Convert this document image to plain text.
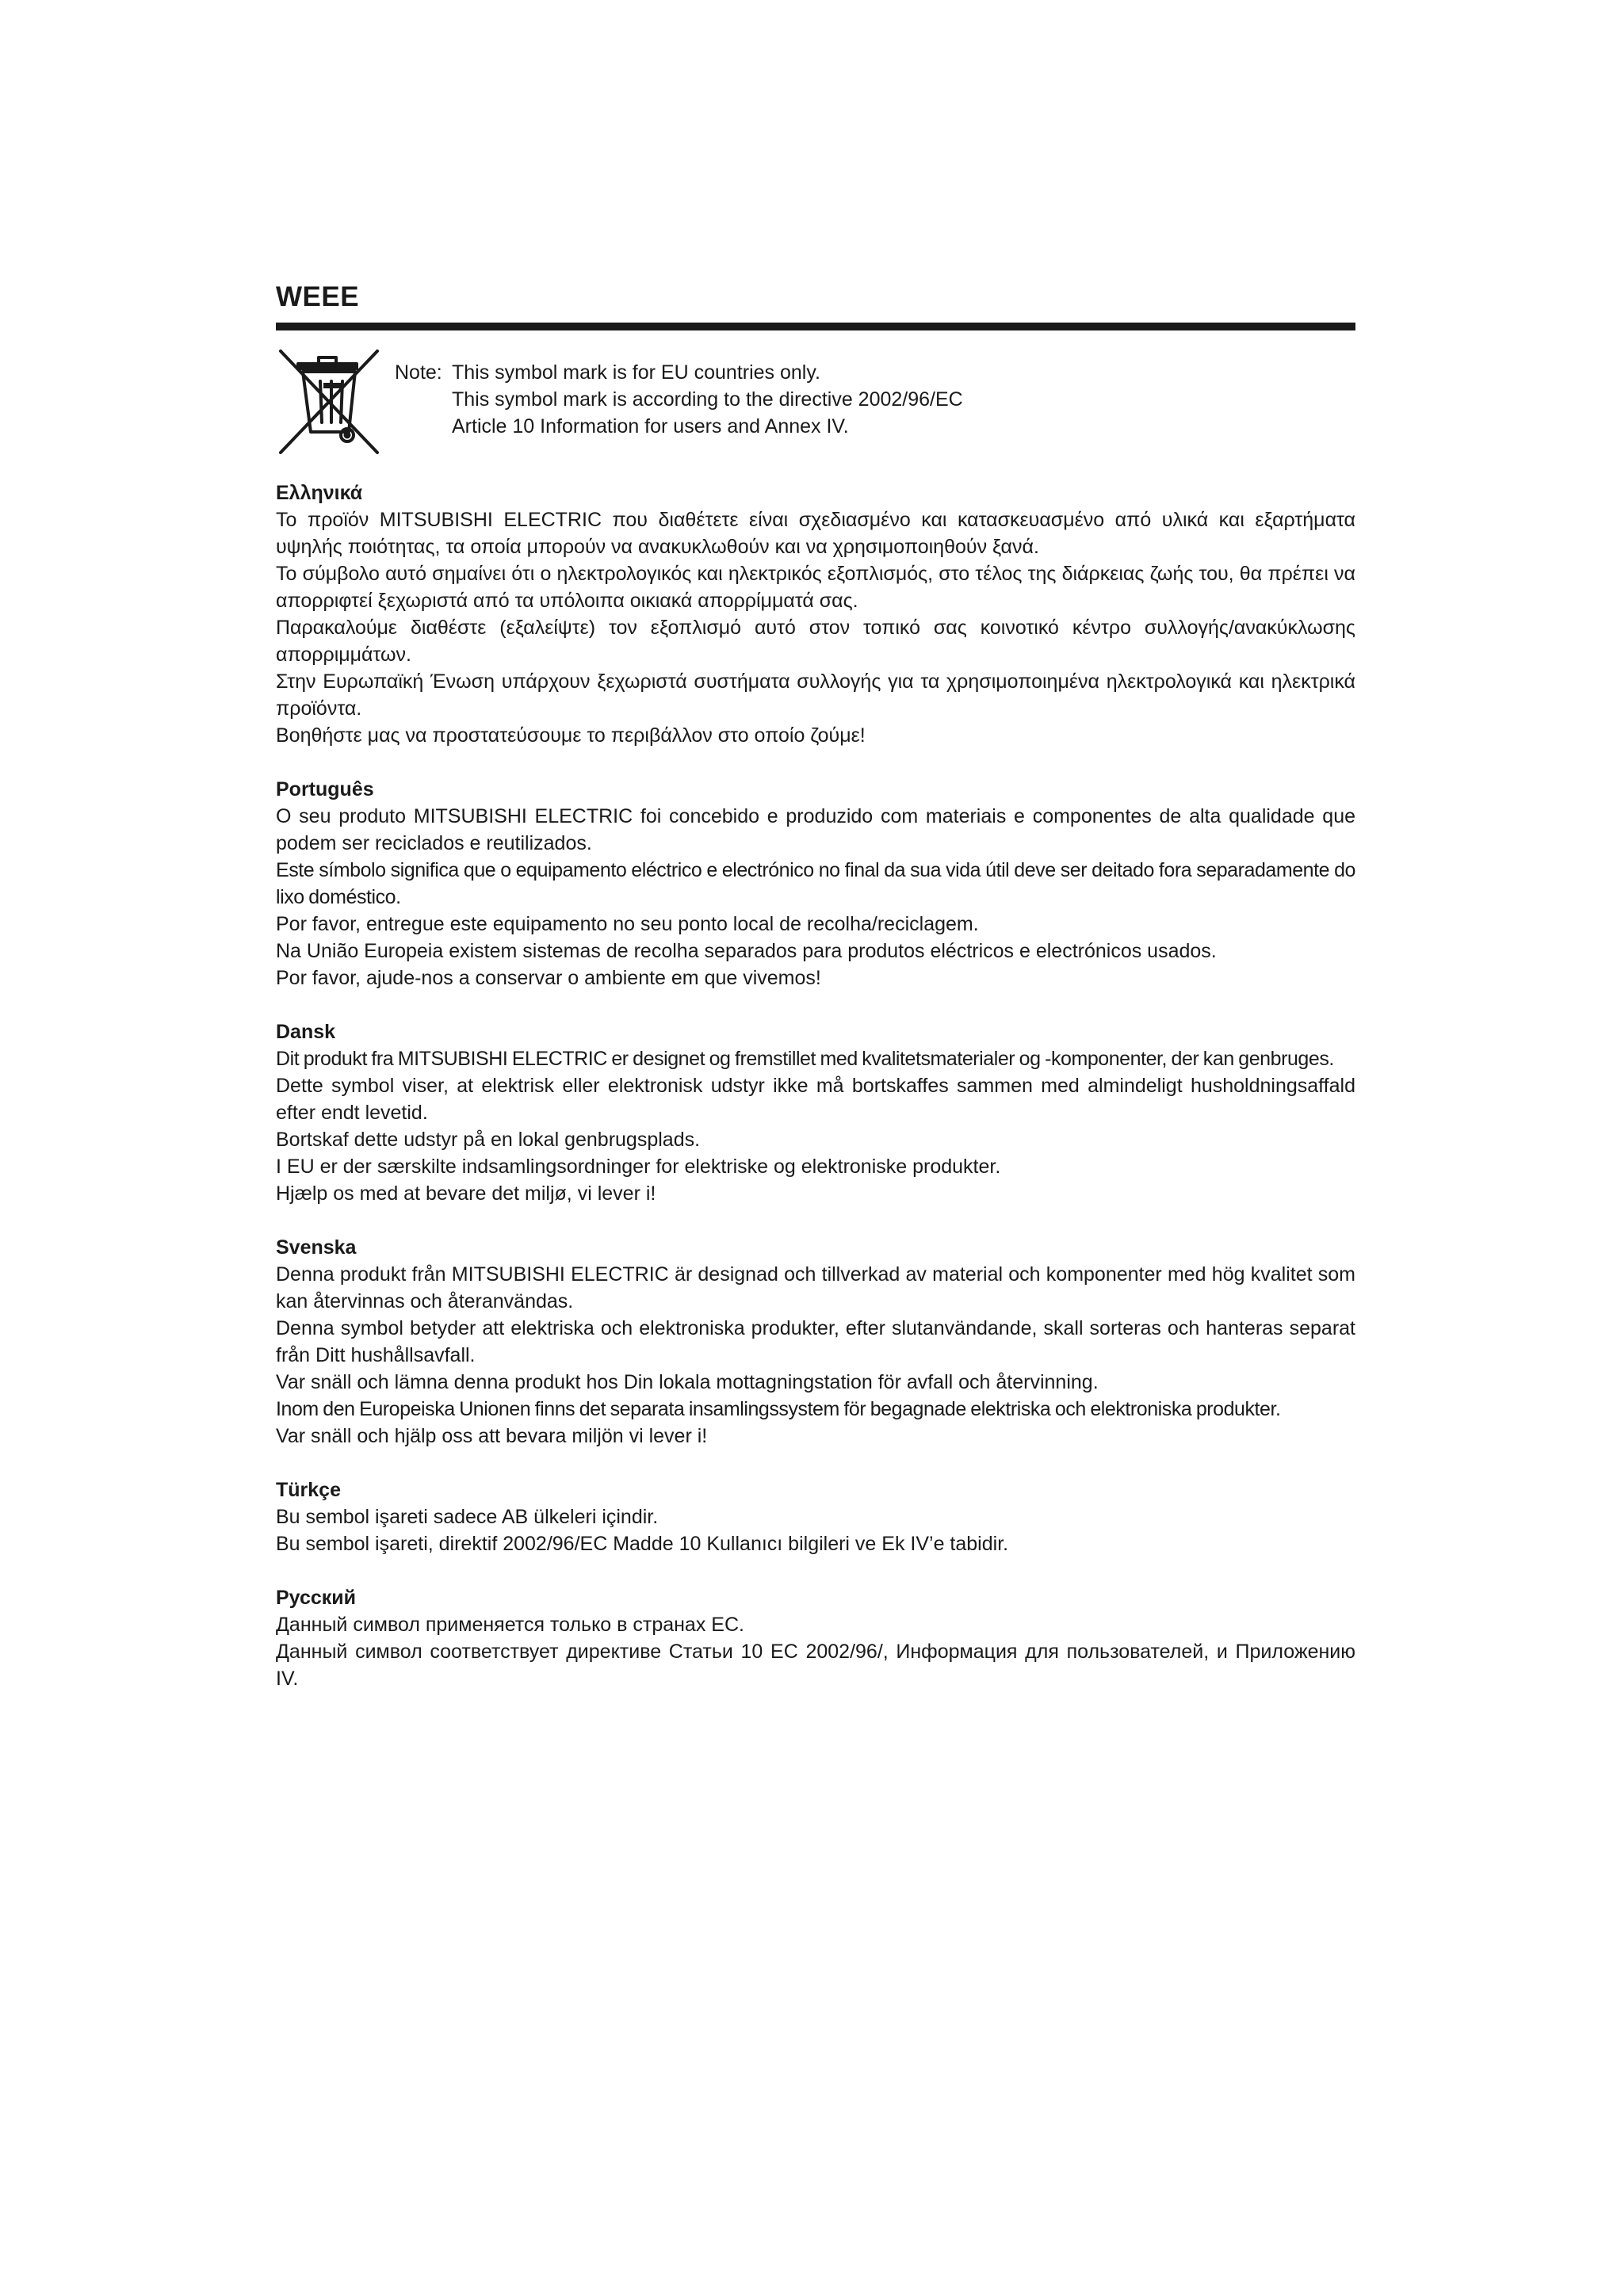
WEEE
Note: This symbol mark is for EU countries only.
This symbol mark is according to the directive 2002/96/EC
Article 10 Information for users and Annex IV.
Ελληνικά
Το προϊόν MITSUBISHI ELECTRIC που διαθέτετε είναι σχεδιασμένο και κατασκευασμένο από υλικά και εξαρτήματα υψηλής ποιότητας, τα οποία μπορούν να ανακυκλωθούν και να χρησιμοποιηθούν ξανά.
Το σύμβολο αυτό σημαίνει ότι ο ηλεκτρολογικός και ηλεκτρικός εξοπλισμός, στο τέλος της διάρκειας ζωής του, θα πρέπει να απορριφτεί ξεχωριστά από τα υπόλοιπα οικιακά απορρίμματά σας.
Παρακαλούμε διαθέστε (εξαλείψτε) τον εξοπλισμό αυτό στον τοπικό σας κοινοτικό κέντρο συλλογής/ανακύκλωσης απορριμμάτων.
Στην Ευρωπαϊκή Ένωση υπάρχουν ξεχωριστά συστήματα συλλογής για τα χρησιμοποιημένα ηλεκτρολογικά και ηλεκτρικά προϊόντα.
Βοηθήστε μας να προστατεύσουμε το περιβάλλον στο οποίο ζούμε!
Português
O seu produto MITSUBISHI ELECTRIC foi concebido e produzido com materiais e componentes de alta qualidade que podem ser reciclados e reutilizados.
Este símbolo significa que o equipamento eléctrico e electrónico no final da sua vida útil deve ser deitado fora separadamente do lixo doméstico.
Por favor, entregue este equipamento no seu ponto local de recolha/reciclagem.
Na União Europeia existem sistemas de recolha separados para produtos eléctricos e electrónicos usados.
Por favor, ajude-nos a conservar o ambiente em que vivemos!
Dansk
Dit produkt fra MITSUBISHI ELECTRIC er designet og fremstillet med kvalitetsmaterialer og -komponenter, der kan genbruges.
Dette symbol viser, at elektrisk eller elektronisk udstyr ikke må bortskaffes sammen med almindeligt husholdningsaffald efter endt levetid.
Bortskaf dette udstyr på en lokal genbrugsplads.
I EU er der særskilte indsamlingsordninger for elektriske og elektroniske produkter.
Hjælp os med at bevare det miljø, vi lever i!
Svenska
Denna produkt från MITSUBISHI ELECTRIC är designad och tillverkad av material och komponenter med hög kvalitet som kan återvinnas och återanvändas.
Denna symbol betyder att elektriska och elektroniska produkter, efter slutanvändande, skall sorteras och hanteras separat från Ditt hushållsavfall.
Var snäll och lämna denna produkt hos Din lokala mottagningstation för avfall och återvinning.
Inom den Europeiska Unionen finns det separata insamlingssystem för begagnade elektriska och elektroniska produkter.
Var snäll och hjälp oss att bevara miljön vi lever i!
Türkçe
Bu sembol işareti sadece AB ülkeleri içindir.
Bu sembol işareti, direktif 2002/96/EC Madde 10 Kullanıcı bilgileri ve Ek IV’e tabidir.
Русский
Данный символ применяется только в странах ЕС.
Данный символ соответствует директиве Статьи 10 ЕС 2002/96/, Информация для пользователей, и Приложению IV.
